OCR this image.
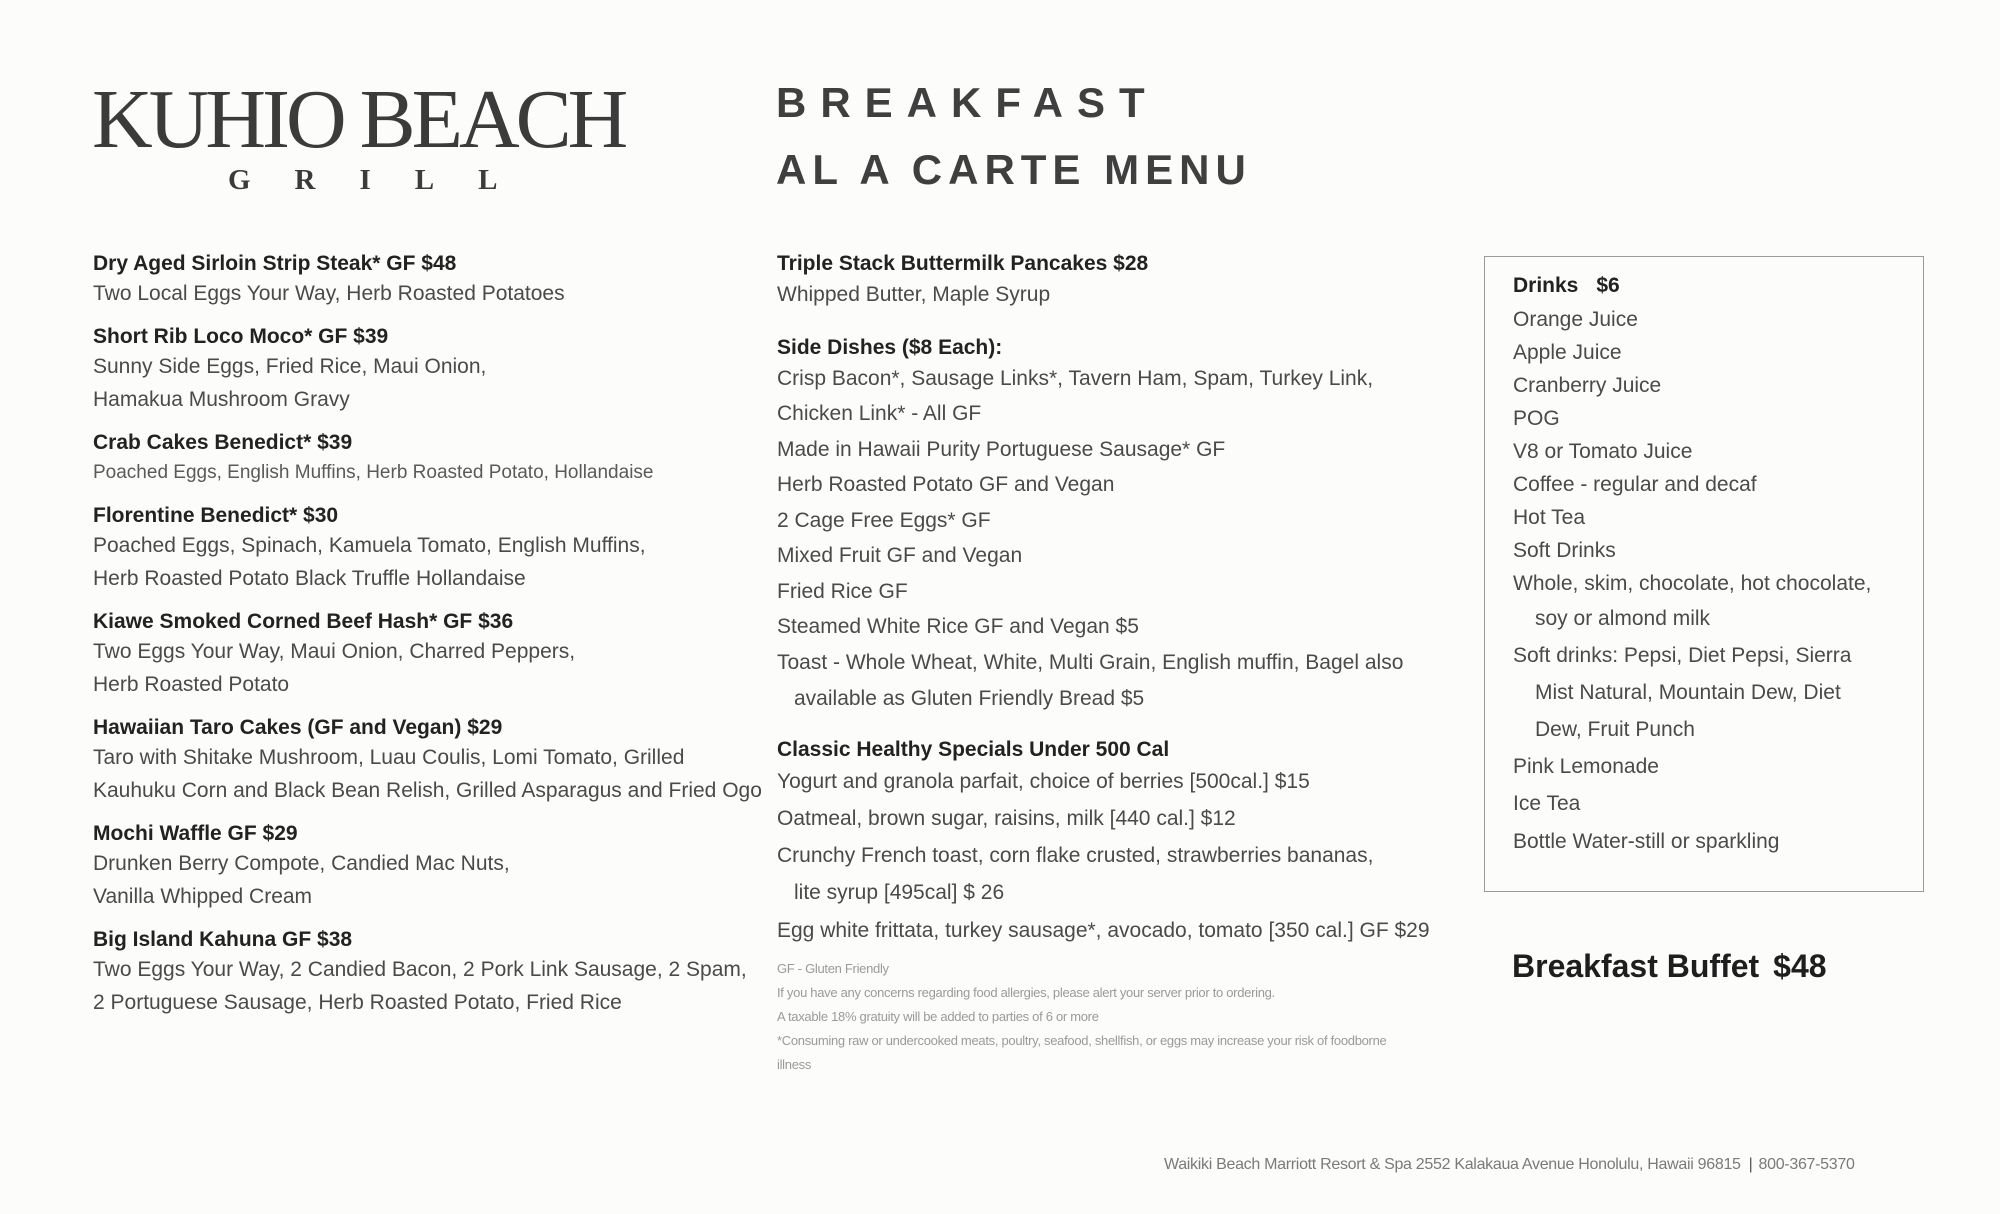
KUHIO BEACH
GRILL
BREAKFAST
AL A CARTE MENU
Dry Aged Sirloin Strip Steak* GF $48
Two Local Eggs Your Way, Herb Roasted Potatoes
Short Rib Loco Moco* GF $39
Sunny Side Eggs, Fried Rice, Maui Onion,
Hamakua Mushroom Gravy
Crab Cakes Benedict* $39
Poached Eggs, English Muffins, Herb Roasted Potato, Hollandaise
Florentine Benedict* $30
Poached Eggs, Spinach, Kamuela Tomato, English Muffins,
Herb Roasted Potato Black Truffle Hollandaise
Kiawe Smoked Corned Beef Hash* GF $36
Two Eggs Your Way, Maui Onion, Charred Peppers,
Herb Roasted Potato
Hawaiian Taro Cakes (GF and Vegan) $29
Taro with Shitake Mushroom, Luau Coulis, Lomi Tomato, Grilled
Kauhuku Corn and Black Bean Relish, Grilled Asparagus and Fried Ogo
Mochi Waffle GF $29
Drunken Berry Compote, Candied Mac Nuts,
Vanilla Whipped Cream
Big Island Kahuna GF $38
Two Eggs Your Way, 2 Candied Bacon, 2 Pork Link Sausage, 2 Spam,
2 Portuguese Sausage, Herb Roasted Potato, Fried Rice
Triple Stack Buttermilk Pancakes $28
Whipped Butter, Maple Syrup
Side Dishes ($8 Each):
Crisp Bacon*, Sausage Links*, Tavern Ham, Spam, Turkey Link,
Chicken Link* - All GF
Made in Hawaii Purity Portuguese Sausage* GF
Herb Roasted Potato GF and Vegan
2 Cage Free Eggs* GF
Mixed Fruit GF and Vegan
Fried Rice GF
Steamed White Rice GF and Vegan $5
Toast - Whole Wheat, White, Multi Grain, English muffin, Bagel also
available as Gluten Friendly Bread $5
Classic Healthy Specials Under 500 Cal
Yogurt and granola parfait, choice of berries [500cal.] $15
Oatmeal, brown sugar, raisins, milk [440 cal.] $12
Crunchy French toast, corn flake crusted, strawberries bananas,
lite syrup [495cal] $ 26
Egg white frittata, turkey sausage*, avocado, tomato [350 cal.] GF $29
GF - Gluten Friendly
If you have any concerns regarding food allergies, please alert your server prior to ordering.
A taxable 18% gratuity will be added to parties of 6 or more
*Consuming raw or undercooked meats, poultry, seafood, shellfish, or eggs may increase your risk of foodborne
illness
Drinks $6
Orange Juice
Apple Juice
Cranberry Juice
POG
V8 or Tomato Juice
Coffee - regular and decaf
Hot Tea
Soft Drinks
Whole, skim, chocolate, hot chocolate,
soy or almond milk
Soft drinks: Pepsi, Diet Pepsi, Sierra
Mist Natural, Mountain Dew, Diet
Dew, Fruit Punch
Pink Lemonade
Ice Tea
Bottle Water-still or sparkling
Breakfast Buffet $48
Waikiki Beach Marriott Resort & Spa 2552 Kalakaua Avenue Honolulu, Hawaii 96815 | 800-367-5370
